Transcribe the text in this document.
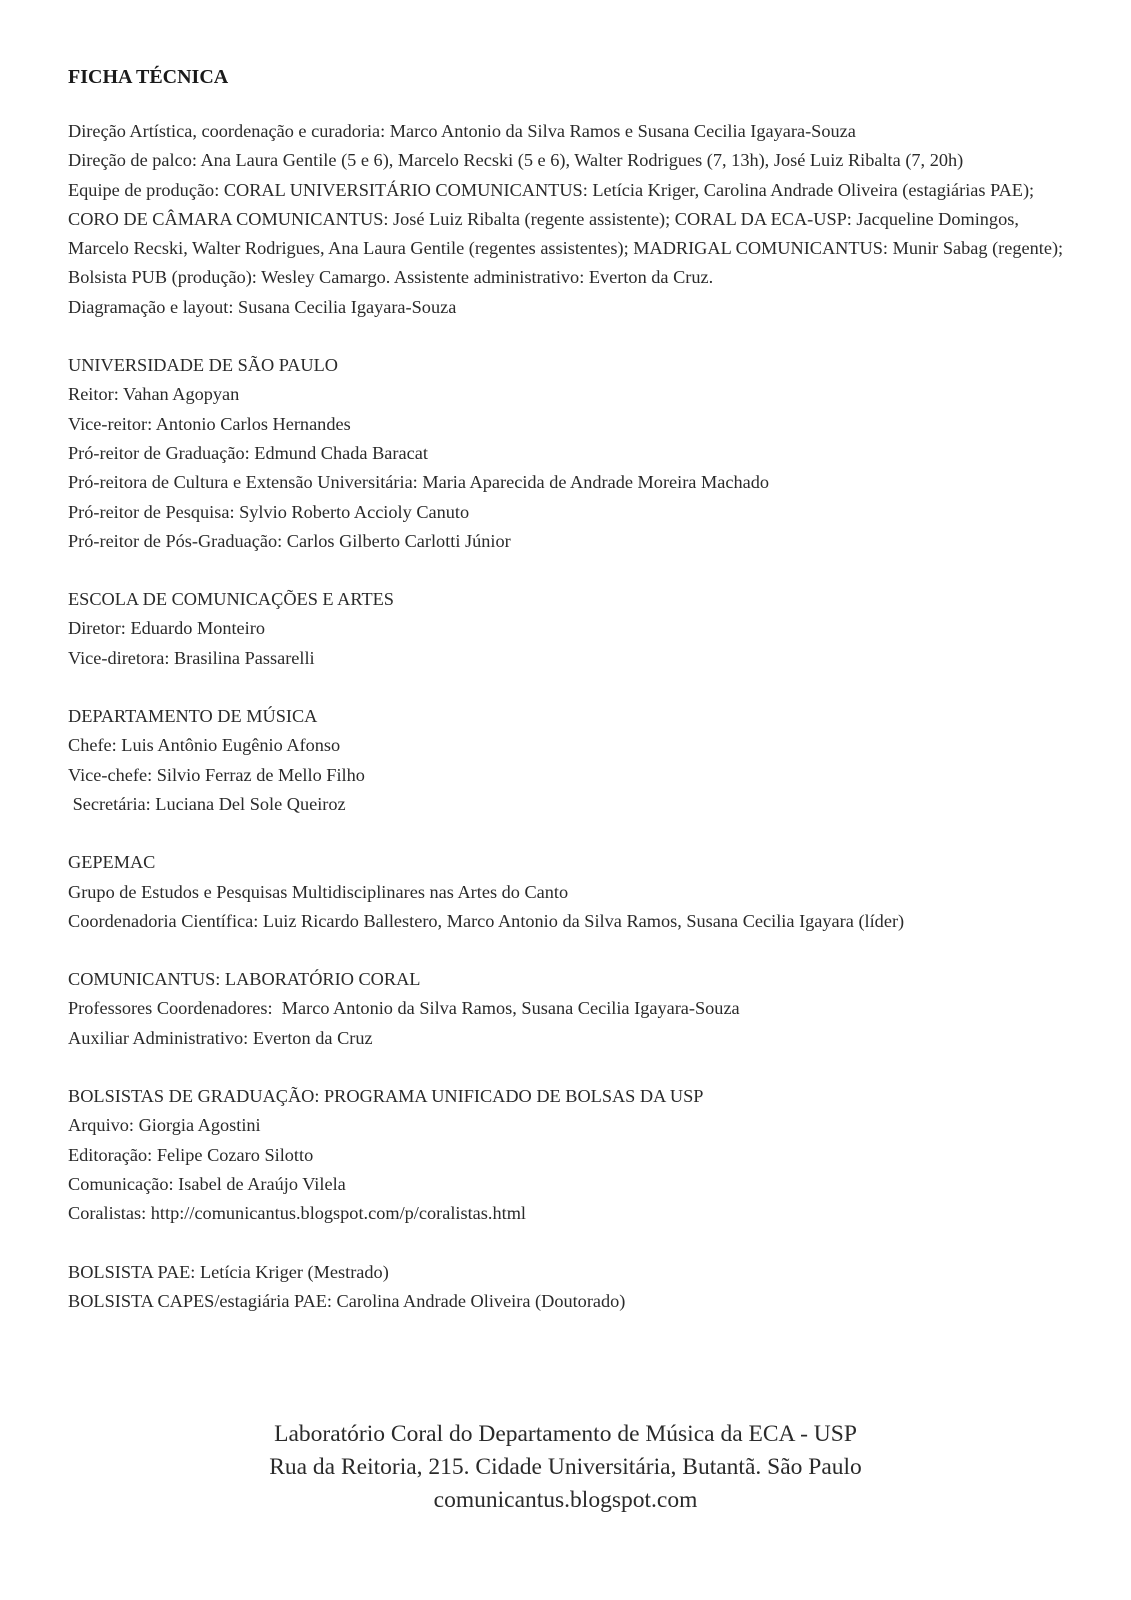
FICHA TÉCNICA

Direção Artística, coordenação e curadoria: Marco Antonio da Silva Ramos e Susana Cecilia Igayara-Souza

Direção de palco: Ana Laura Gentile (5 e 6), Marcelo Recski (5 e 6), Walter Rodrigues (7, 13h), José Luiz Ribalta (7, 20h)

Equipe de produção: CORAL UNIVERSITÁRIO COMUNICANTUS: Letícia Kriger, Carolina Andrade Oliveira (estagiárias PAE); CORO DE CÂMARA COMUNICANTUS: José Luiz Ribalta (regente assistente); CORAL DA ECA-USP: Jacqueline Domingos, Marcelo Recski, Walter Rodrigues, Ana Laura Gentile (regentes assistentes); MADRIGAL COMUNICANTUS: Munir Sabag (regente); Bolsista PUB (produção): Wesley Camargo. Assistente administrativo: Everton da Cruz.

Diagramação e layout: Susana Cecilia Igayara-Souza

UNIVERSIDADE DE SÃO PAULO

Reitor: Vahan Agopyan

Vice-reitor: Antonio Carlos Hernandes

Pró-reitor de Graduação: Edmund Chada Baracat

Pró-reitora de Cultura e Extensão Universitária: Maria Aparecida de Andrade Moreira Machado

Pró-reitor de Pesquisa: Sylvio Roberto Accioly Canuto

Pró-reitor de Pós-Graduação: Carlos Gilberto Carlotti Júnior

ESCOLA DE COMUNICAÇÕES E ARTES

Diretor: Eduardo Monteiro

Vice-diretora: Brasilina Passarelli

DEPARTAMENTO DE MÚSICA

Chefe: Luis Antônio Eugênio Afonso

Vice-chefe: Silvio Ferraz de Mello Filho

Secretária: Luciana Del Sole Queiroz

GEPEMAC

Grupo de Estudos e Pesquisas Multidisciplinares nas Artes do Canto

Coordenadoria Científica: Luiz Ricardo Ballestero, Marco Antonio da Silva Ramos, Susana Cecilia Igayara (líder)

COMUNICANTUS: LABORATÓRIO CORAL

Professores Coordenadores:  Marco Antonio da Silva Ramos, Susana Cecilia Igayara-Souza

Auxiliar Administrativo: Everton da Cruz

BOLSISTAS DE GRADUAÇÃO: PROGRAMA UNIFICADO DE BOLSAS DA USP

Arquivo: Giorgia Agostini

Editoração: Felipe Cozaro Silotto

Comunicação: Isabel de Araújo Vilela

Coralistas: http://comunicantus.blogspot.com/p/coralistas.html

BOLSISTA PAE: Letícia Kriger (Mestrado)

BOLSISTA CAPES/estagiária PAE: Carolina Andrade Oliveira (Doutorado)

Laboratório Coral do Departamento de Música da ECA - USP

Rua da Reitoria, 215. Cidade Universitária, Butantã. São Paulo

comunicantus.blogspot.com
